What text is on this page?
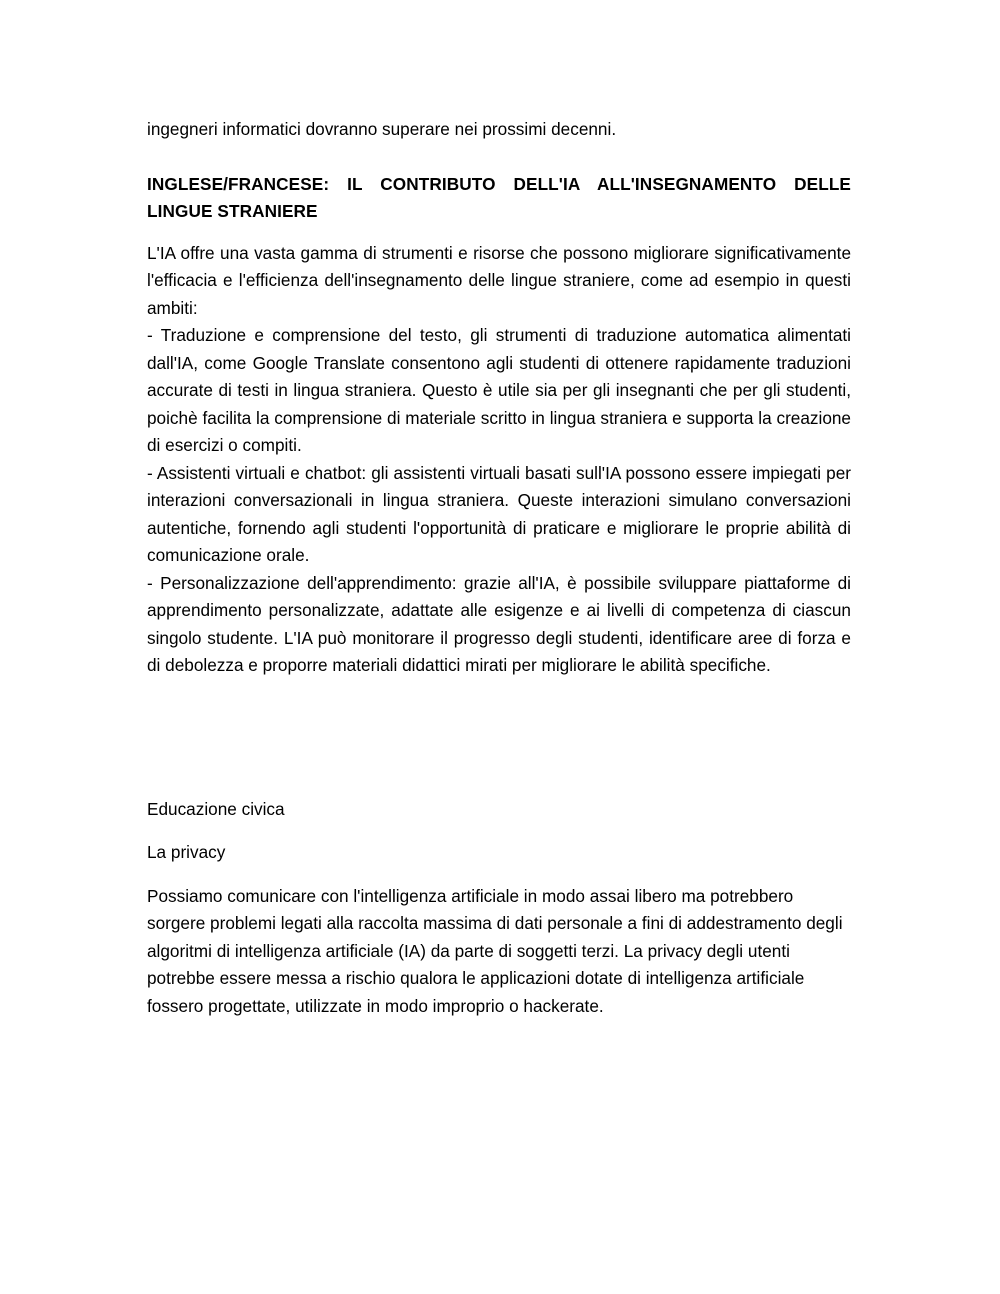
ingegneri informatici dovranno superare nei prossimi decenni.

INGLESE/FRANCESE: IL CONTRIBUTO DELL'IA ALL'INSEGNAMENTO DELLE LINGUE STRANIERE

L'IA offre una vasta gamma di strumenti e risorse che possono migliorare significativamente l'efficacia e l'efficienza dell'insegnamento delle lingue straniere, come ad esempio in questi ambiti:

- Traduzione e comprensione del testo, gli strumenti di traduzione automatica alimentati dall'IA, come Google Translate consentono agli studenti di ottenere rapidamente traduzioni accurate di testi in lingua straniera. Questo è utile sia per gli insegnanti che per gli studenti, poichè facilita la comprensione di materiale scritto in lingua straniera e supporta la creazione di esercizi o compiti.

- Assistenti virtuali e chatbot: gli assistenti virtuali basati sull'IA possono essere impiegati per interazioni conversazionali in lingua straniera. Queste interazioni simulano conversazioni autentiche, fornendo agli studenti l'opportunità di praticare e migliorare le proprie abilità di comunicazione orale.

- Personalizzazione dell'apprendimento: grazie all'IA, è possibile sviluppare piattaforme di apprendimento personalizzate, adattate alle esigenze e ai livelli di competenza di ciascun singolo studente. L'IA può monitorare il progresso degli studenti, identificare aree di forza e di debolezza e proporre materiali didattici mirati per migliorare le abilità specifiche.

Educazione civica

La privacy

Possiamo comunicare con l'intelligenza artificiale in modo assai libero ma potrebbero sorgere problemi legati alla raccolta massima di dati personale a fini di addestramento degli algoritmi di intelligenza artificiale (IA) da parte di soggetti terzi. La privacy degli utenti potrebbe essere messa a rischio qualora le applicazioni dotate di intelligenza artificiale fossero progettate, utilizzate in modo improprio o hackerate.
